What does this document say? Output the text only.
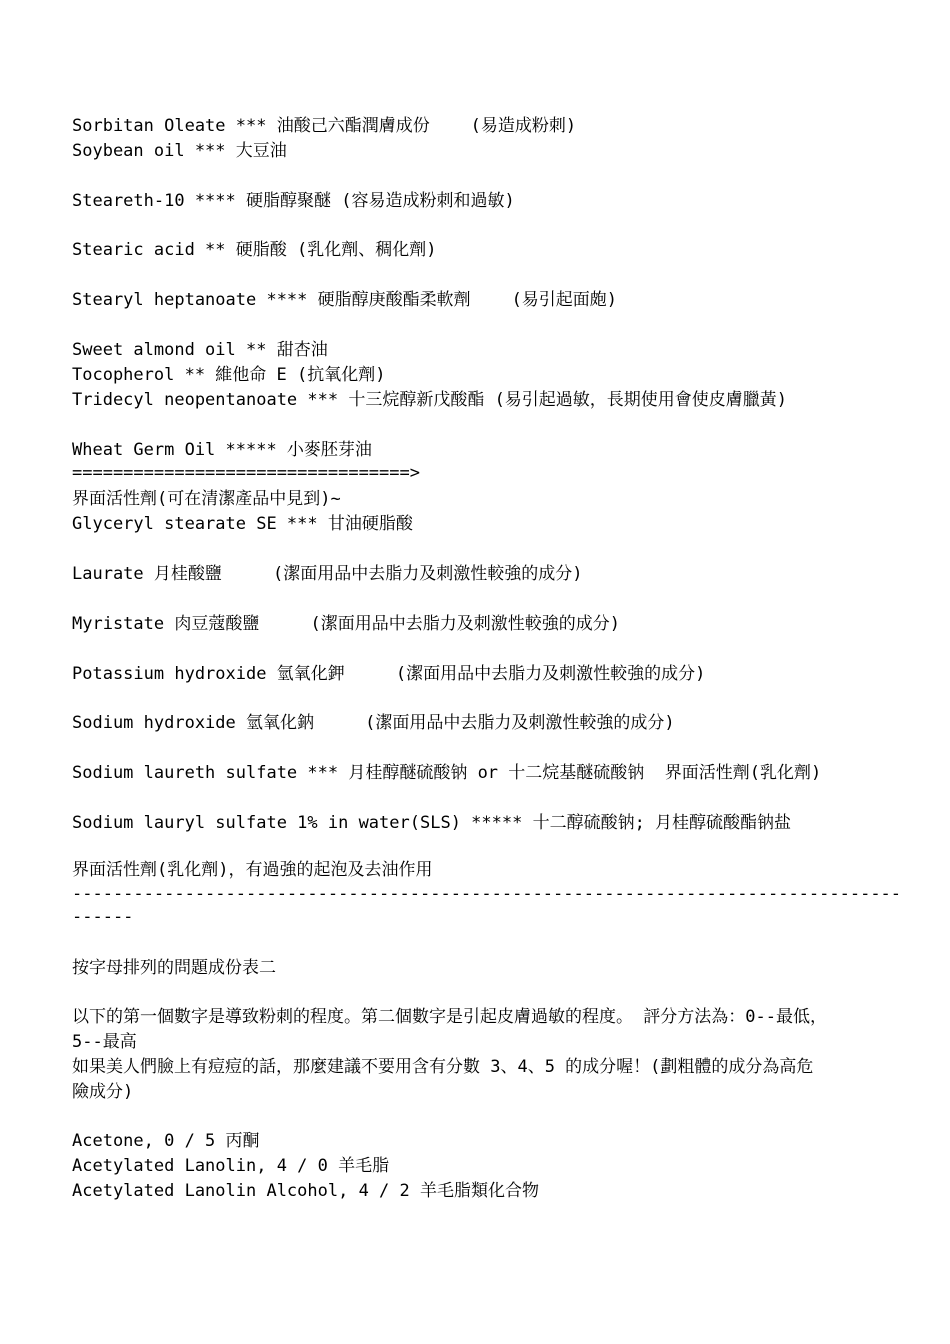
Sorbitan Oleate *** 油酸己六酯潤膚成份    (易造成粉刺)
Soybean oil *** 大豆油
Steareth-10 **** 硬脂醇聚醚 (容易造成粉刺和過敏)
Stearic acid ** 硬脂酸 (乳化劑、稠化劑)
Stearyl heptanoate **** 硬脂醇庚酸酯柔軟劑    (易引起面皰)
Sweet almond oil ** 甜杏油
Tocopherol ** 維他命 E (抗氧化劑)
Tridecyl neopentanoate *** 十三烷醇新戊酸酯 (易引起過敏，長期使用會使皮膚臘黃)
Wheat Germ Oil ***** 小麥胚芽油
=================================>
界面活性劑(可在清潔產品中見到)~
Glyceryl stearate SE *** 甘油硬脂酸
Laurate 月桂酸鹽     (潔面用品中去脂力及刺激性較強的成分)
Myristate 肉豆蔻酸鹽     (潔面用品中去脂力及刺激性較強的成分)
Potassium hydroxide 氫氧化鉀     (潔面用品中去脂力及刺激性較強的成分)
Sodium hydroxide 氫氧化鈉     (潔面用品中去脂力及刺激性較強的成分)
Sodium laureth sulfate *** 月桂醇醚硫酸钠 or 十二烷基醚硫酸钠  界面活性劑(乳化劑)
Sodium lauryl sulfate 1% in water(SLS) ***** 十二醇硫酸钠; 月桂醇硫酸酯钠盐
界面活性劑(乳化劑)，有過強的起泡及去油作用
---------------------------------------------------------------------------------
------
按字母排列的問題成份表二
以下的第一個數字是導致粉刺的程度。第二個數字是引起皮膚過敏的程度。 評分方法為：0--最低，
5--最高
如果美人們臉上有痘痘的話，那麼建議不要用含有分數 3、4、5 的成分喔！(劃粗體的成分為高危
險成分)
Acetone, 0 / 5 丙酮
Acetylated Lanolin, 4 / 0 羊毛脂
Acetylated Lanolin Alcohol, 4 / 2 羊毛脂類化合物
